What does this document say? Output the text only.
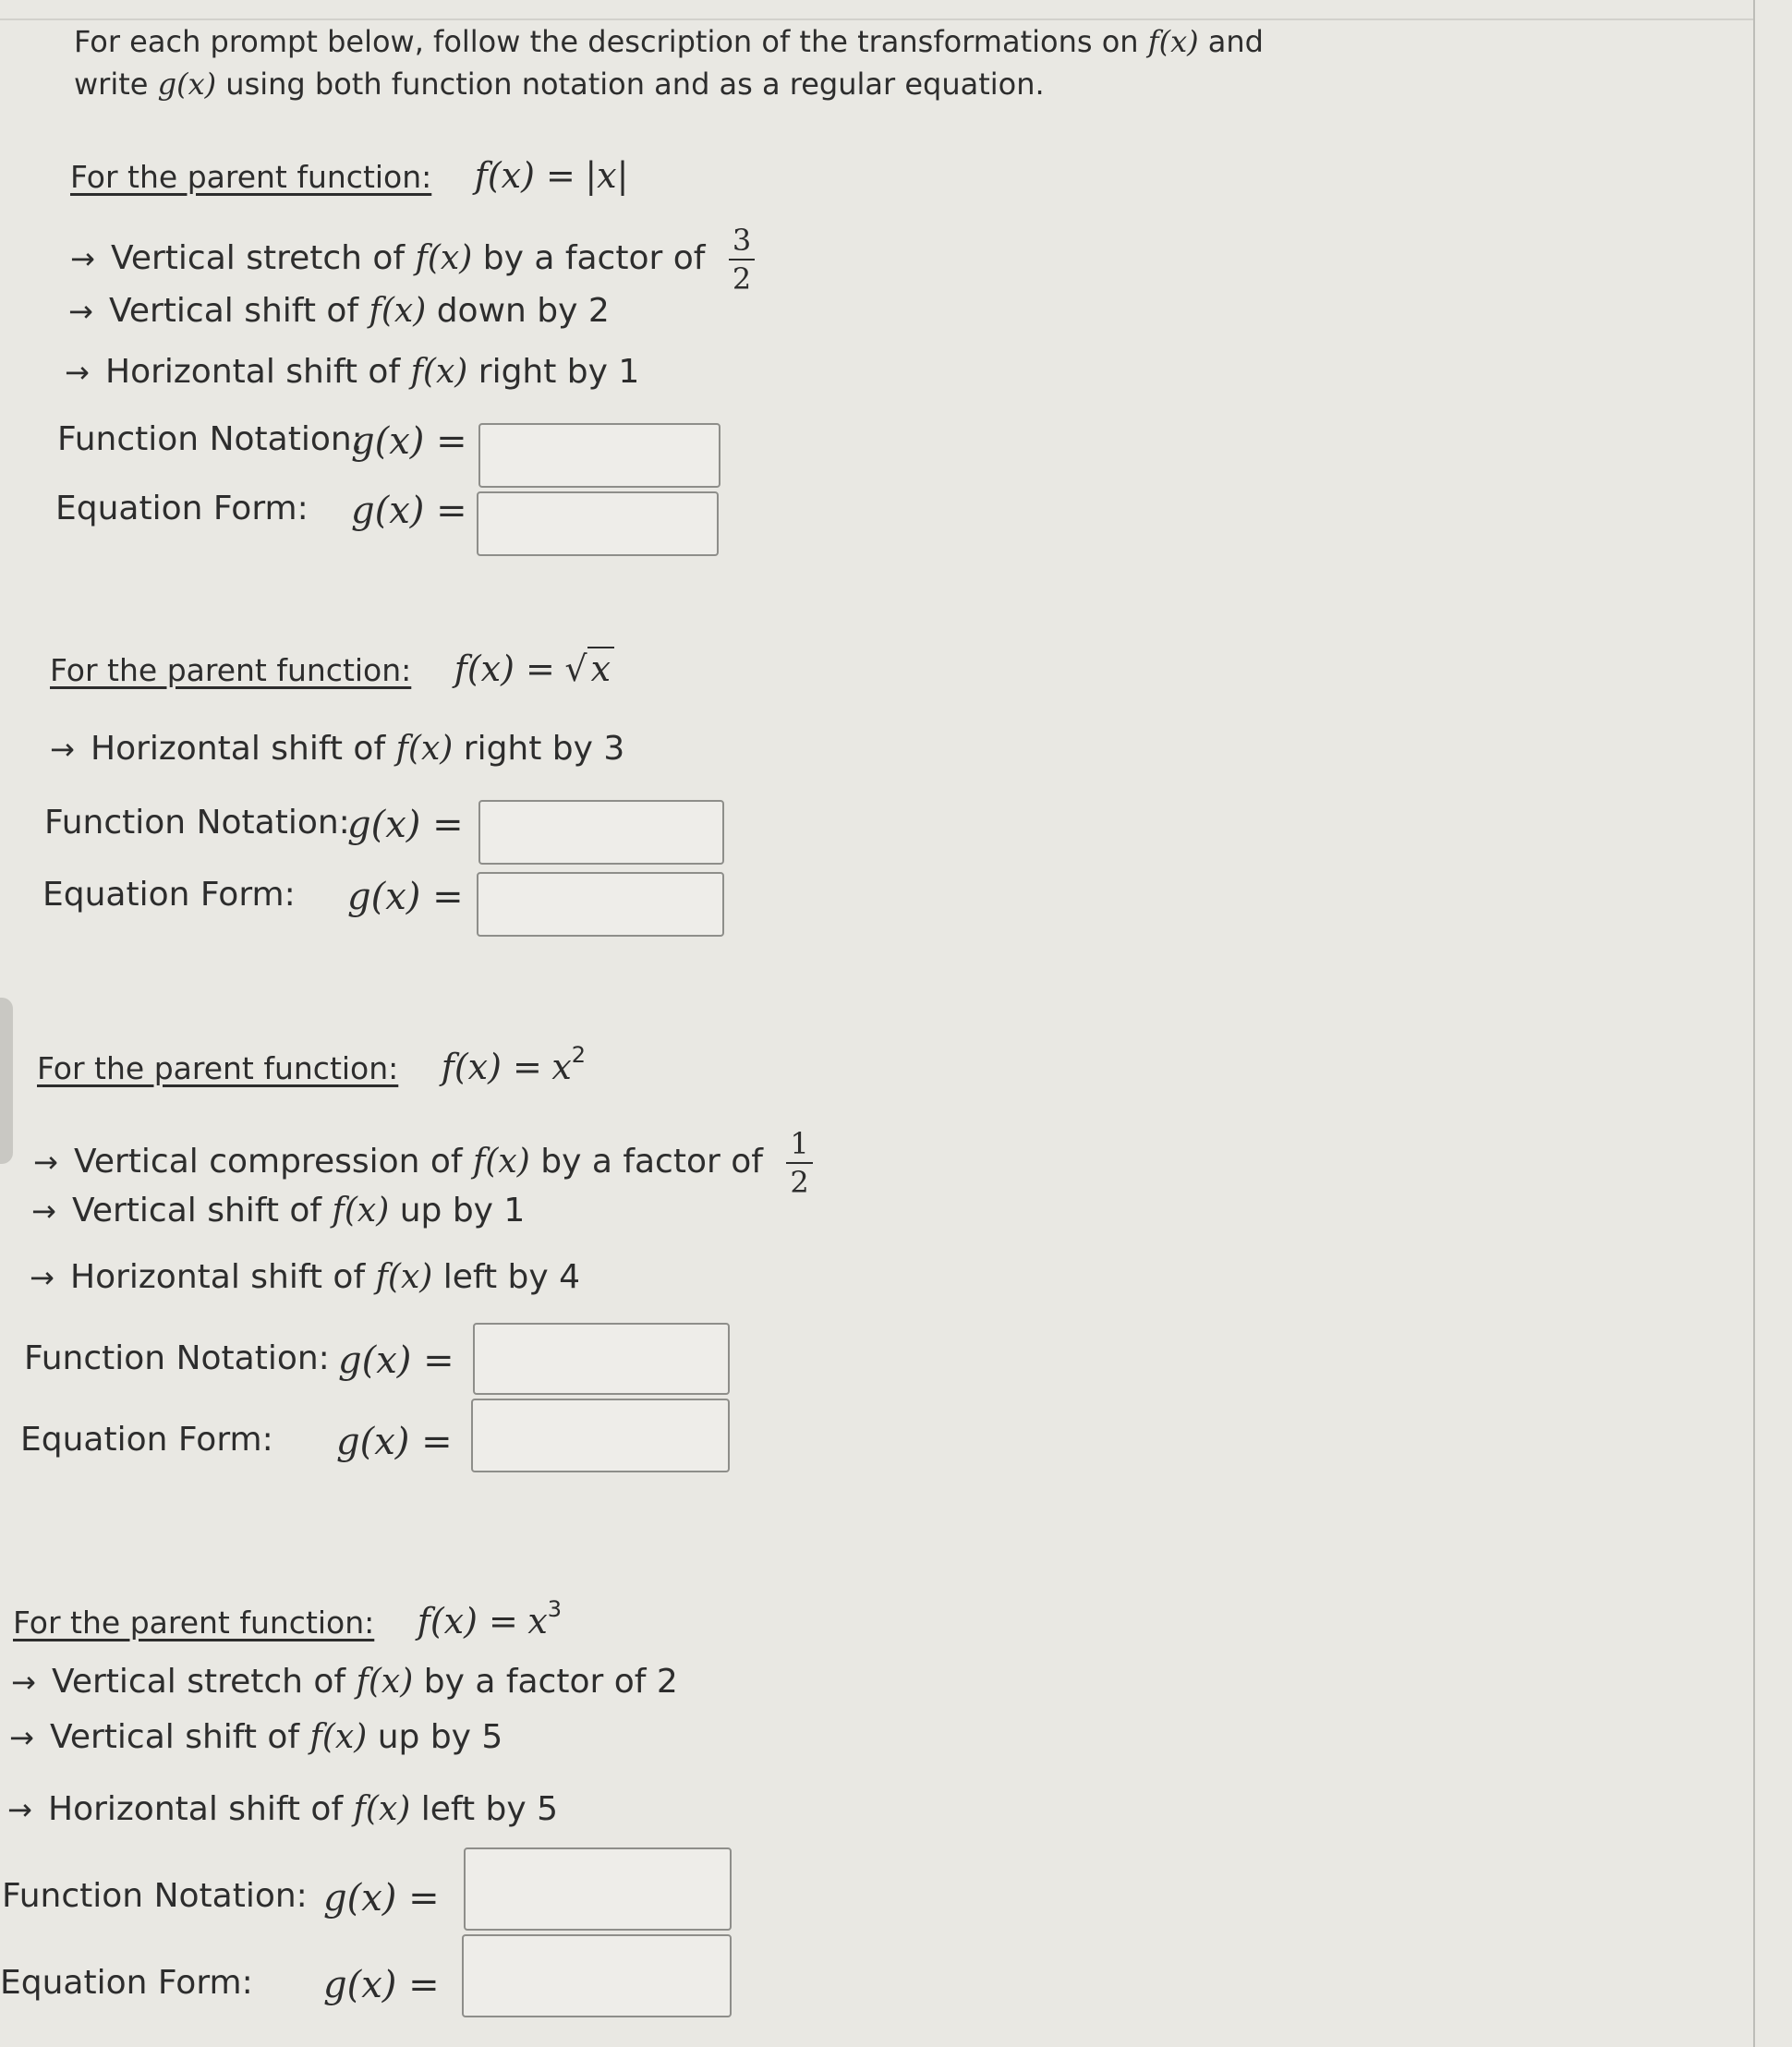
For each prompt below, follow the description of the transformations on f(x) and
write g(x) using both function notation and as a regular equation.
For the parent function: f(x) = |x|
→ Vertical stretch of f(x) by a factor of $\frac{3}{2}$
→ Vertical shift of f(x) down by 2
→ Horizontal shift of f(x) right by 1
Function Notation:
g(x) =
Equation Form: g(x) =
For the parent function: f(x) = √ x
→ Horizontal shift of f(x) right by 3
Function Notation:
g(x) =
Equation Form: g(x) =
For the parent function: $f(x) = x^2$
→ Vertical compression of f(x) by a factor of $\frac{1}{2}$
→ Vertical shift of f(x) up by 1
→ Horizontal shift of f(x) left by 4
Function Notation: g(x) =
Equation Form: g(x) =
For the parent function: $f(x) = x^3$
→ Vertical stretch of f(x) by a factor of 2
→ Vertical shift of f(x) up by 5
→ Horizontal shift of f(x) left by 5
Function Notation: g(x) =
Equation Form: g(x) =
